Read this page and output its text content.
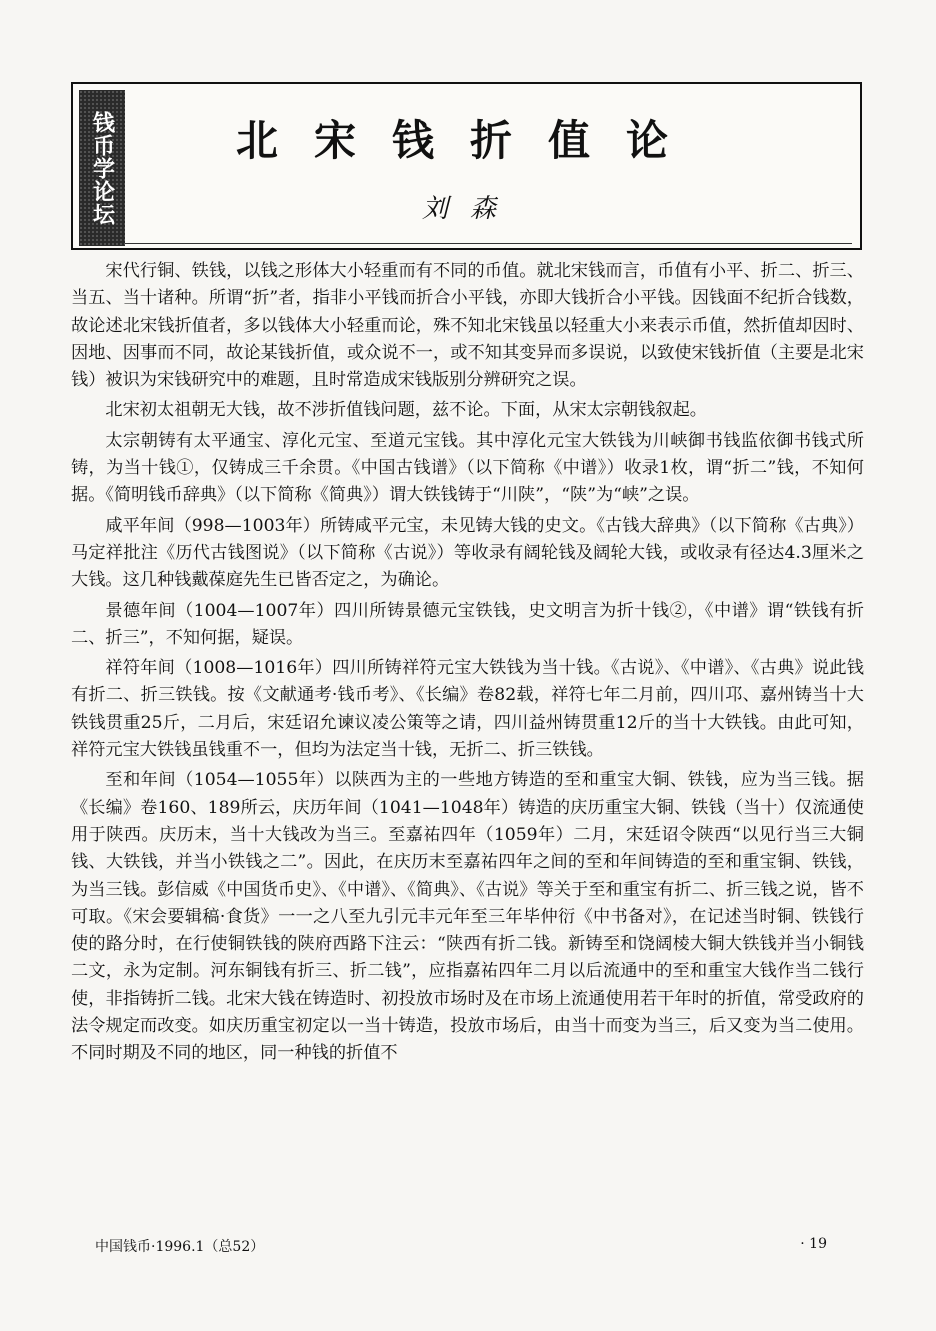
钱币学论坛	北宋钱折值论
刘森

宋代行铜、铁钱，以钱之形体大小轻重而有不同的币值。就北宋钱而言，币值有小平、折二、折三、当五、当十诸种。所谓“折”者，指非小平钱而折合小平钱，亦即大钱折合小平钱。因钱面不纪折合钱数，故论述北宋钱折值者，多以钱体大小轻重而论，殊不知北宋钱虽以轻重大小来表示币值，然折值却因时、因地、因事而不同，故论某钱折值，或众说不一，或不知其变异而多误说，以致使宋钱折值（主要是北宋钱）被识为宋钱研究中的难题，且时常造成宋钱版别分辨研究之误。

北宋初太祖朝无大钱，故不涉折值钱问题，兹不论。下面，从宋太宗朝钱叙起。

太宗朝铸有太平通宝、淳化元宝、至道元宝钱。其中淳化元宝大铁钱为川峡御书钱监依御书钱式所铸，为当十钱①，仅铸成三千余贯。《中国古钱谱》（以下简称《中谱》）收录1枚，谓“折二”钱，不知何据。《简明钱币辞典》（以下简称《简典》）谓大铁钱铸于“川陕”，“陕”为“峡”之误。

咸平年间（998—1003年）所铸咸平元宝，未见铸大钱的史文。《古钱大辞典》（以下简称《古典》）马定祥批注《历代古钱图说》（以下简称《古说》）等收录有阔轮钱及阔轮大钱，或收录有径达4.3厘米之大钱。这几种钱戴葆庭先生已皆否定之，为确论。

景德年间（1004—1007年）四川所铸景德元宝铁钱，史文明言为折十钱②，《中谱》谓“铁钱有折二、折三”，不知何据，疑误。

祥符年间（1008—1016年）四川所铸祥符元宝大铁钱为当十钱。《古说》、《中谱》、《古典》说此钱有折二、折三铁钱。按《文献通考·钱币考》、《长编》卷82载，祥符七年二月前，四川邛、嘉州铸当十大铁钱贯重25斤，二月后，宋廷诏允谏议凌公策等之请，四川益州铸贯重12斤的当十大铁钱。由此可知，祥符元宝大铁钱虽钱重不一，但均为法定当十钱，无折二、折三铁钱。

至和年间（1054—1055年）以陕西为主的一些地方铸造的至和重宝大铜、铁钱，应为当三钱。据《长编》卷160、189所云，庆历年间（1041—1048年）铸造的庆历重宝大铜、铁钱（当十）仅流通使用于陕西。庆历末，当十大钱改为当三。至嘉祐四年（1059年）二月，宋廷诏令陕西“以见行当三大铜钱、大铁钱，并当小铁钱之二”。因此，在庆历末至嘉祐四年之间的至和年间铸造的至和重宝铜、铁钱，为当三钱。彭信威《中国货币史》、《中谱》、《简典》、《古说》等关于至和重宝有折二、折三钱之说，皆不可取。《宋会要辑稿·食货》一一之八至九引元丰元年至三年毕仲衍《中书备对》，在记述当时铜、铁钱行使的路分时，在行使铜铁钱的陕府西路下注云：“陕西有折二钱。新铸至和饶阔棱大铜大铁钱并当小铜钱二文，永为定制。河东铜钱有折三、折二钱”，应指嘉祐四年二月以后流通中的至和重宝大钱作当二钱行使，非指铸折二钱。北宋大钱在铸造时、初投放市场时及在市场上流通使用若干年时的折值，常受政府的法令规定而改变。如庆历重宝初定以一当十铸造，投放市场后，由当十而变为当三，后又变为当二使用。不同时期及不同的地区，同一种钱的折值不

中国钱币·1996.1（总52）	· 19
